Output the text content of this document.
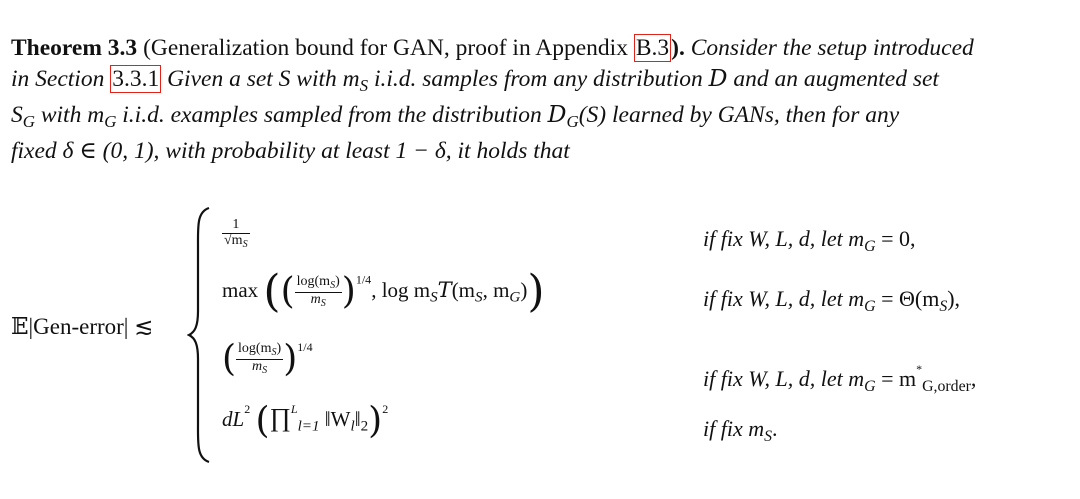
Theorem 3.3 (Generalization bound for GAN, proof in Appendix B.3). Consider the setup introduced
in Section 3.3.1 Given a set S with $m_S$ i.i.d. samples from any distribution D and an augmented set
$S_G$ with $m_G$ i.i.d. examples sampled from the distribution $D_G(S)$ learned by GANs, then for any
fixed δ ∈ (0, 1), with probability at least 1 − δ, it holds that
𝔼|Gen-error| ≲
$\frac{1}{√m_S}$	if fix W, L, d, let $m_G = 0$,
max (( $\frac{\log(m_S)}{m_S} )^{1/4}$, $\log m_ST(m_S$, $m_G$))	if fix W, L, d, let $m_G = \Theta(m_S)$,
( $\frac{\log(m_S)}{m_S} )^{1/4}$
if fix W, L, d, let $m_G = m^*_{G,order}$,
$dL^2$ (∏$^L_{l=1}$ $‖W_l‖_2)^2$
if fix $m_S$.
